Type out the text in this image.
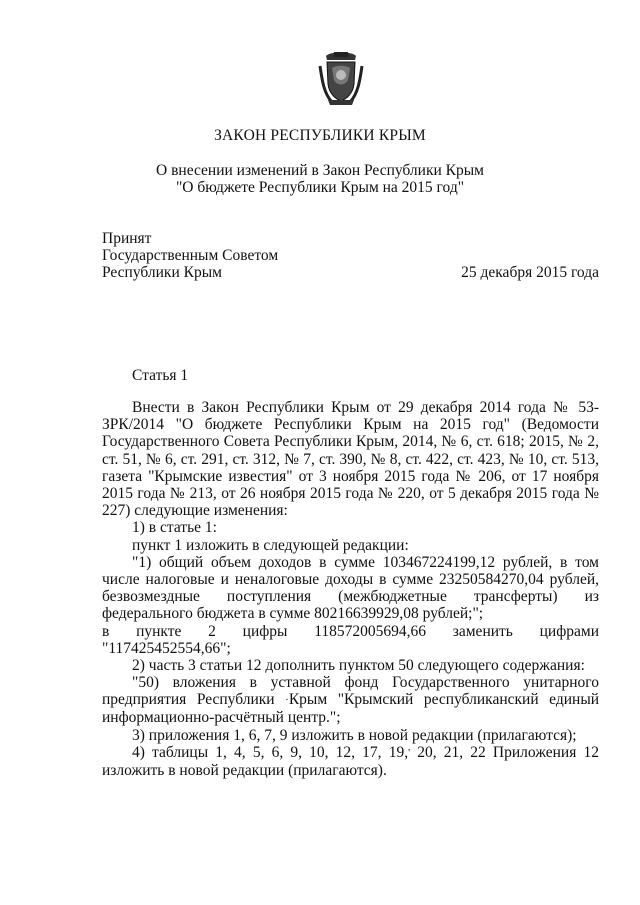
ЗАКОН РЕСПУБЛИКИ КРЫМ
О внесении изменений в Закон Республики Крым
"О бюджете Республики Крым на 2015 год"
Принят
Государственным Советом
Республики Крым	25 декабря 2015 года
Статья 1

Внести в Закон Республики Крым от 29 декабря 2014 года № 53-ЗРК/2014 "О бюджете Республики Крым на 2015 год" (Ведомости Государственного Совета Республики Крым, 2014, № 6, ст. 618; 2015, № 2, ст. 51, № 6, ст. 291, ст. 312, № 7, ст. 390, № 8, ст. 422, ст. 423, № 10, ст. 513, газета "Крымские известия" от 3 ноября 2015 года № 206, от 17 ноября 2015 года № 213, от 26 ноября 2015 года № 220, от 5 декабря 2015 года № 227) следующие изменения:

1) в статье 1:

пункт 1 изложить в следующей редакции:

"1) общий объем доходов в сумме 103467224199,12 рублей, в том числе налоговые и неналоговые доходы в сумме 23250584270,04 рублей, безвозмездные поступления (межбюджетные трансферты) из федерального бюджета в сумме 80216639929,08 рублей;";

в пункте 2 цифры 118572005694,66 заменить цифрами

"117425452554,66";

2) часть 3 статьи 12 дополнить пунктом 50 следующего содержания:

"50) вложения в уставной фонд Государственного унитарного предприятия Республики ·Крым "Крымский республиканский единый информационно-расчётный центр.";

3) приложения 1, 6, 7, 9 изложить в новой редакции (прилагаются);

4) таблицы 1, 4, 5, 6, 9, 10, 12, 17, 19,' 20, 21, 22 Приложения 12 изложить в новой редакции (прилагаются).
